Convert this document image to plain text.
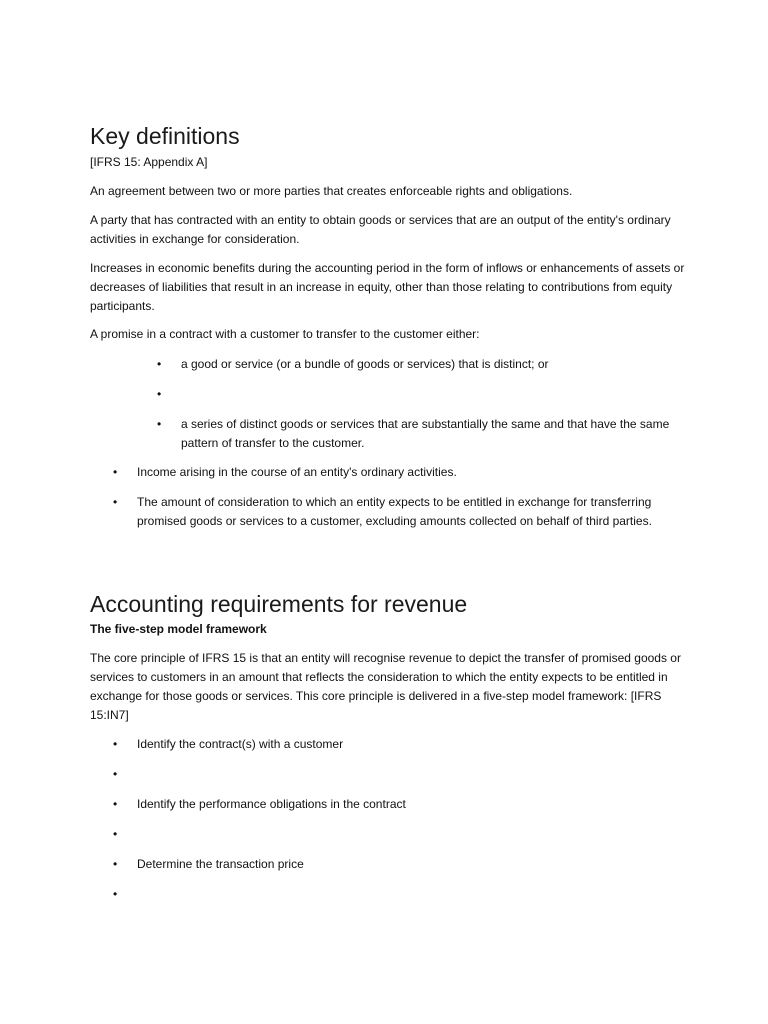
Key definitions

[IFRS 15: Appendix A]

An agreement between two or more parties that creates enforceable rights and obligations.

A party that has contracted with an entity to obtain goods or services that are an output of the entity's ordinary activities in exchange for consideration.

Increases in economic benefits during the accounting period in the form of inflows or enhancements of assets or decreases of liabilities that result in an increase in equity, other than those relating to contributions from equity participants.

A promise in a contract with a customer to transfer to the customer either:

• a good or service (or a bundle of goods or services) that is distinct; or
•
• a series of distinct goods or services that are substantially the same and that have the same pattern of transfer to the customer.
• Income arising in the course of an entity's ordinary activities.
• The amount of consideration to which an entity expects to be entitled in exchange for transferring promised goods or services to a customer, excluding amounts collected on behalf of third parties.
Accounting requirements for revenue

The five-step model framework

The core principle of IFRS 15 is that an entity will recognise revenue to depict the transfer of promised goods or services to customers in an amount that reflects the consideration to which the entity expects to be entitled in exchange for those goods or services. This core principle is delivered in a five-step model framework: [IFRS 15:IN7]

• Identify the contract(s) with a customer
•
• Identify the performance obligations in the contract
•
• Determine the transaction price
•
